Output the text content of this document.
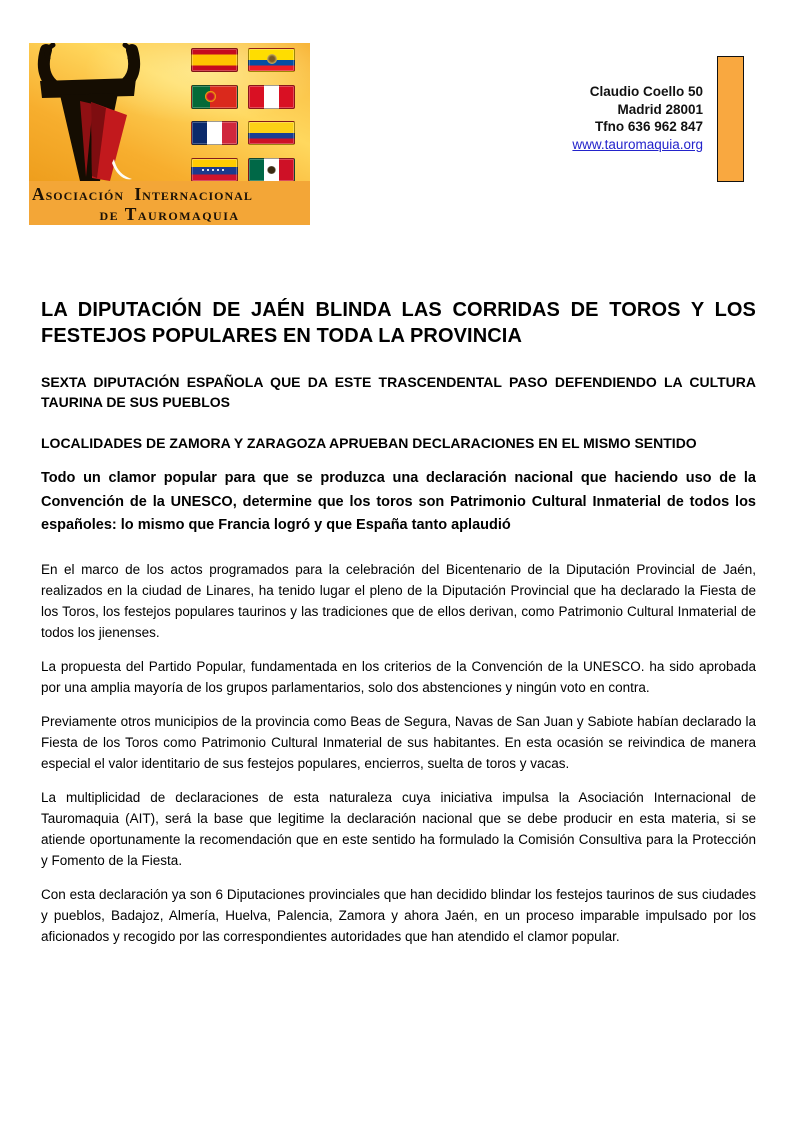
Asociación Internacional
de Tauromaquia
Claudio Coello 50
Madrid 28001
Tfno 636 962 847
www.tauromaquia.org
LA DIPUTACIÓN DE JAÉN BLINDA LAS CORRIDAS DE TOROS Y LOS FESTEJOS POPULARES EN TODA LA PROVINCIA

SEXTA DIPUTACIÓN ESPAÑOLA QUE DA ESTE TRASCENDENTAL PASO DEFENDIENDO LA CULTURA TAURINA DE SUS PUEBLOS

LOCALIDADES DE ZAMORA Y ZARAGOZA APRUEBAN DECLARACIONES EN EL MISMO SENTIDO

Todo un clamor popular para que se produzca una declaración nacional que haciendo uso de la Convención de la UNESCO, determine que los toros son Patrimonio Cultural Inmaterial de todos los españoles: lo mismo que Francia logró y que España tanto aplaudió

En el marco de los actos programados para la celebración del Bicentenario de la Diputación Provincial de Jaén, realizados en la ciudad de Linares, ha tenido lugar el pleno de la Diputación Provincial que ha declarado la Fiesta de los Toros, los festejos populares taurinos y las tradiciones que de ellos derivan, como Patrimonio Cultural Inmaterial de todos los jienenses.

La propuesta del Partido Popular, fundamentada en los criterios de la Convención de la UNESCO. ha sido aprobada por una amplia mayoría de los grupos parlamentarios, solo dos abstenciones y ningún voto en contra.

Previamente otros municipios de la provincia como Beas de Segura, Navas de San Juan y Sabiote habían declarado la Fiesta de los Toros como Patrimonio Cultural Inmaterial de sus habitantes. En esta ocasión se reivindica de manera especial el valor identitario de sus festejos populares, encierros, suelta de toros y vacas.

La multiplicidad de declaraciones de esta naturaleza cuya iniciativa impulsa la Asociación Internacional de Tauromaquia (AIT), será la base que legitime la declaración nacional que se debe producir en esta materia, si se atiende oportunamente la recomendación que en este sentido ha formulado la Comisión Consultiva para la Protección y Fomento de la Fiesta.

Con esta declaración ya son 6 Diputaciones provinciales que han decidido blindar los festejos taurinos de sus ciudades y pueblos, Badajoz, Almería, Huelva, Palencia, Zamora y ahora Jaén, en un proceso imparable impulsado por los aficionados y recogido por las correspondientes autoridades que han atendido el clamor popular.
